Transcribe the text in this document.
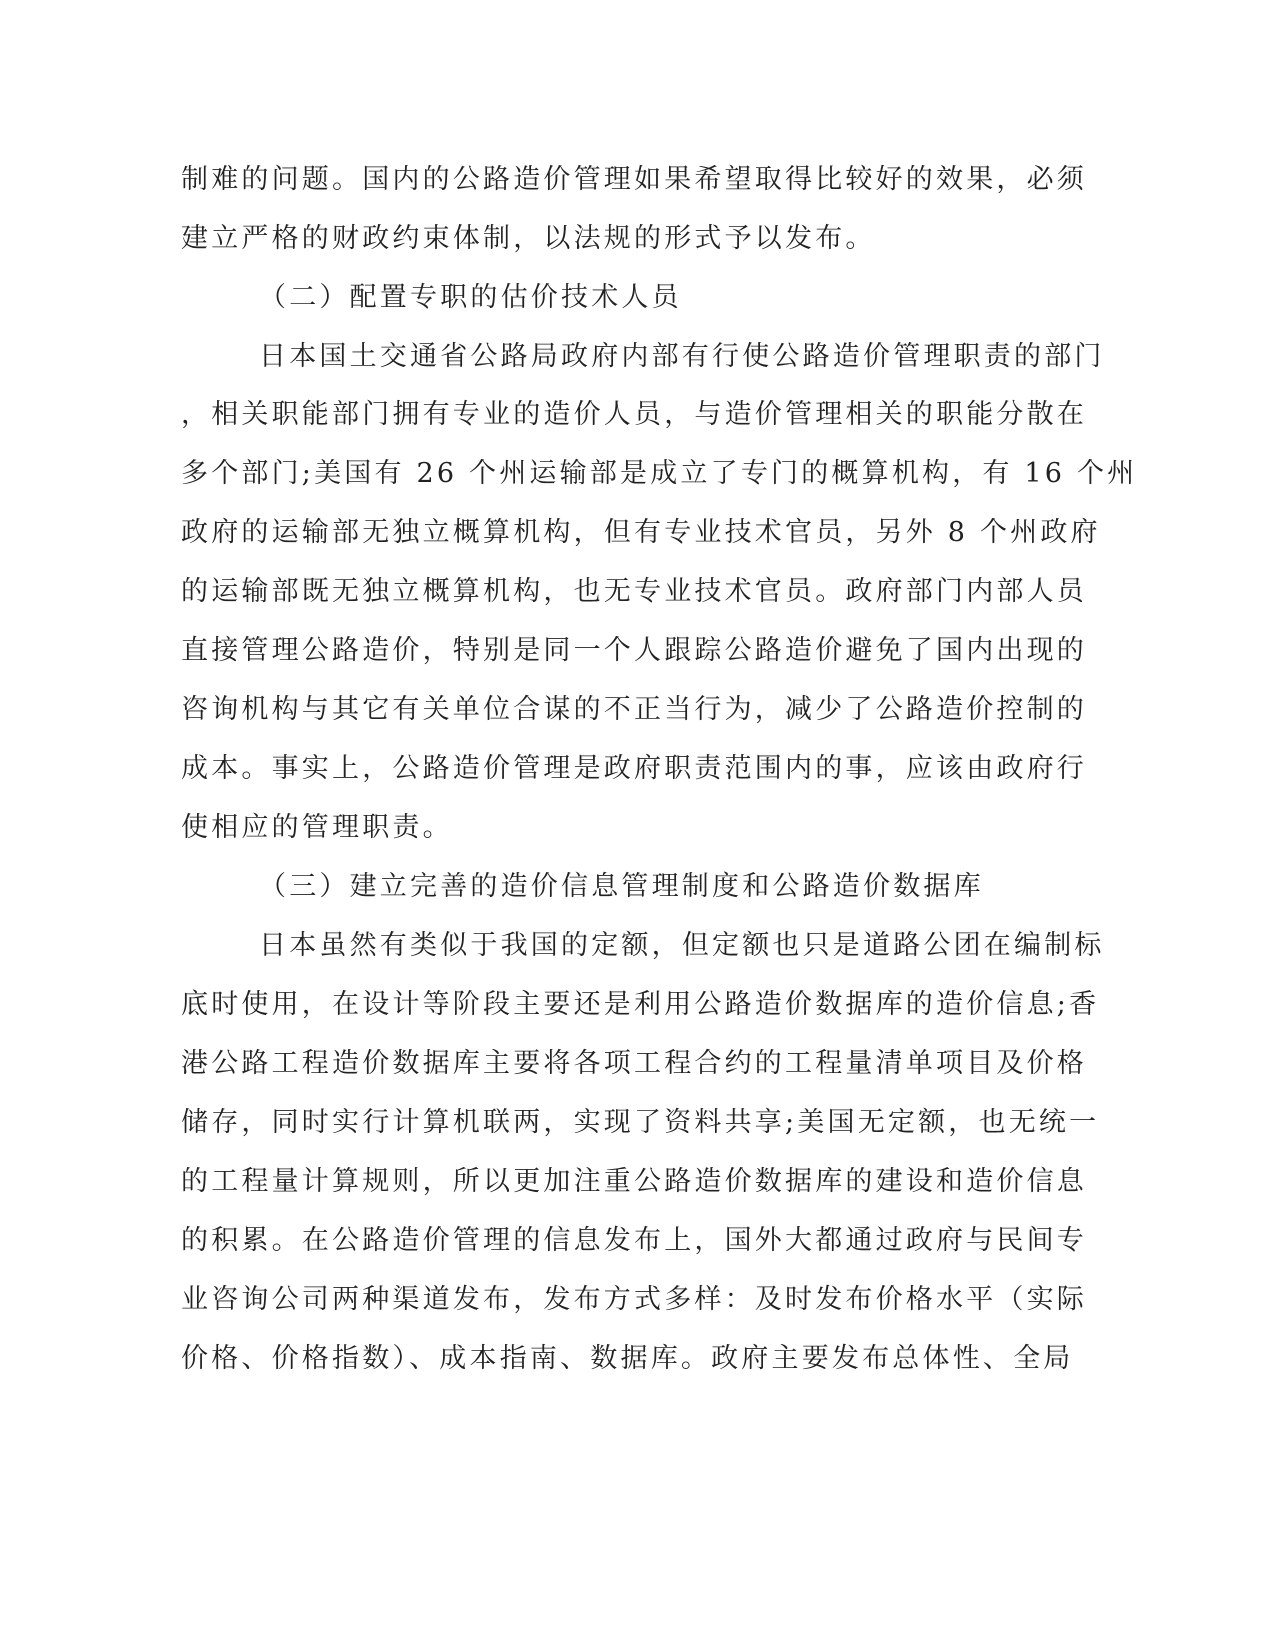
制难的问题。国内的公路造价管理如果希望取得比较好的效果，必须
建立严格的财政约束体制，以法规的形式予以发布。
（二）配置专职的估价技术人员
日本国土交通省公路局政府内部有行使公路造价管理职责的部门
，相关职能部门拥有专业的造价人员，与造价管理相关的职能分散在
多个部门;美国有 26 个州运输部是成立了专门的概算机构，有 16 个州
政府的运输部无独立概算机构，但有专业技术官员，另外 8 个州政府
的运输部既无独立概算机构，也无专业技术官员。政府部门内部人员
直接管理公路造价，特别是同一个人跟踪公路造价避免了国内出现的
咨询机构与其它有关单位合谋的不正当行为，减少了公路造价控制的
成本。事实上，公路造价管理是政府职责范围内的事，应该由政府行
使相应的管理职责。
（三）建立完善的造价信息管理制度和公路造价数据库
日本虽然有类似于我国的定额，但定额也只是道路公团在编制标
底时使用，在设计等阶段主要还是利用公路造价数据库的造价信息;香
港公路工程造价数据库主要将各项工程合约的工程量清单项目及价格
储存，同时实行计算机联两，实现了资料共享;美国无定额，也无统一
的工程量计算规则，所以更加注重公路造价数据库的建设和造价信息
的积累。在公路造价管理的信息发布上，国外大都通过政府与民间专
业咨询公司两种渠道发布，发布方式多样：及时发布价格水平（实际
价格、价格指数）、成本指南、数据库。政府主要发布总体性、全局
